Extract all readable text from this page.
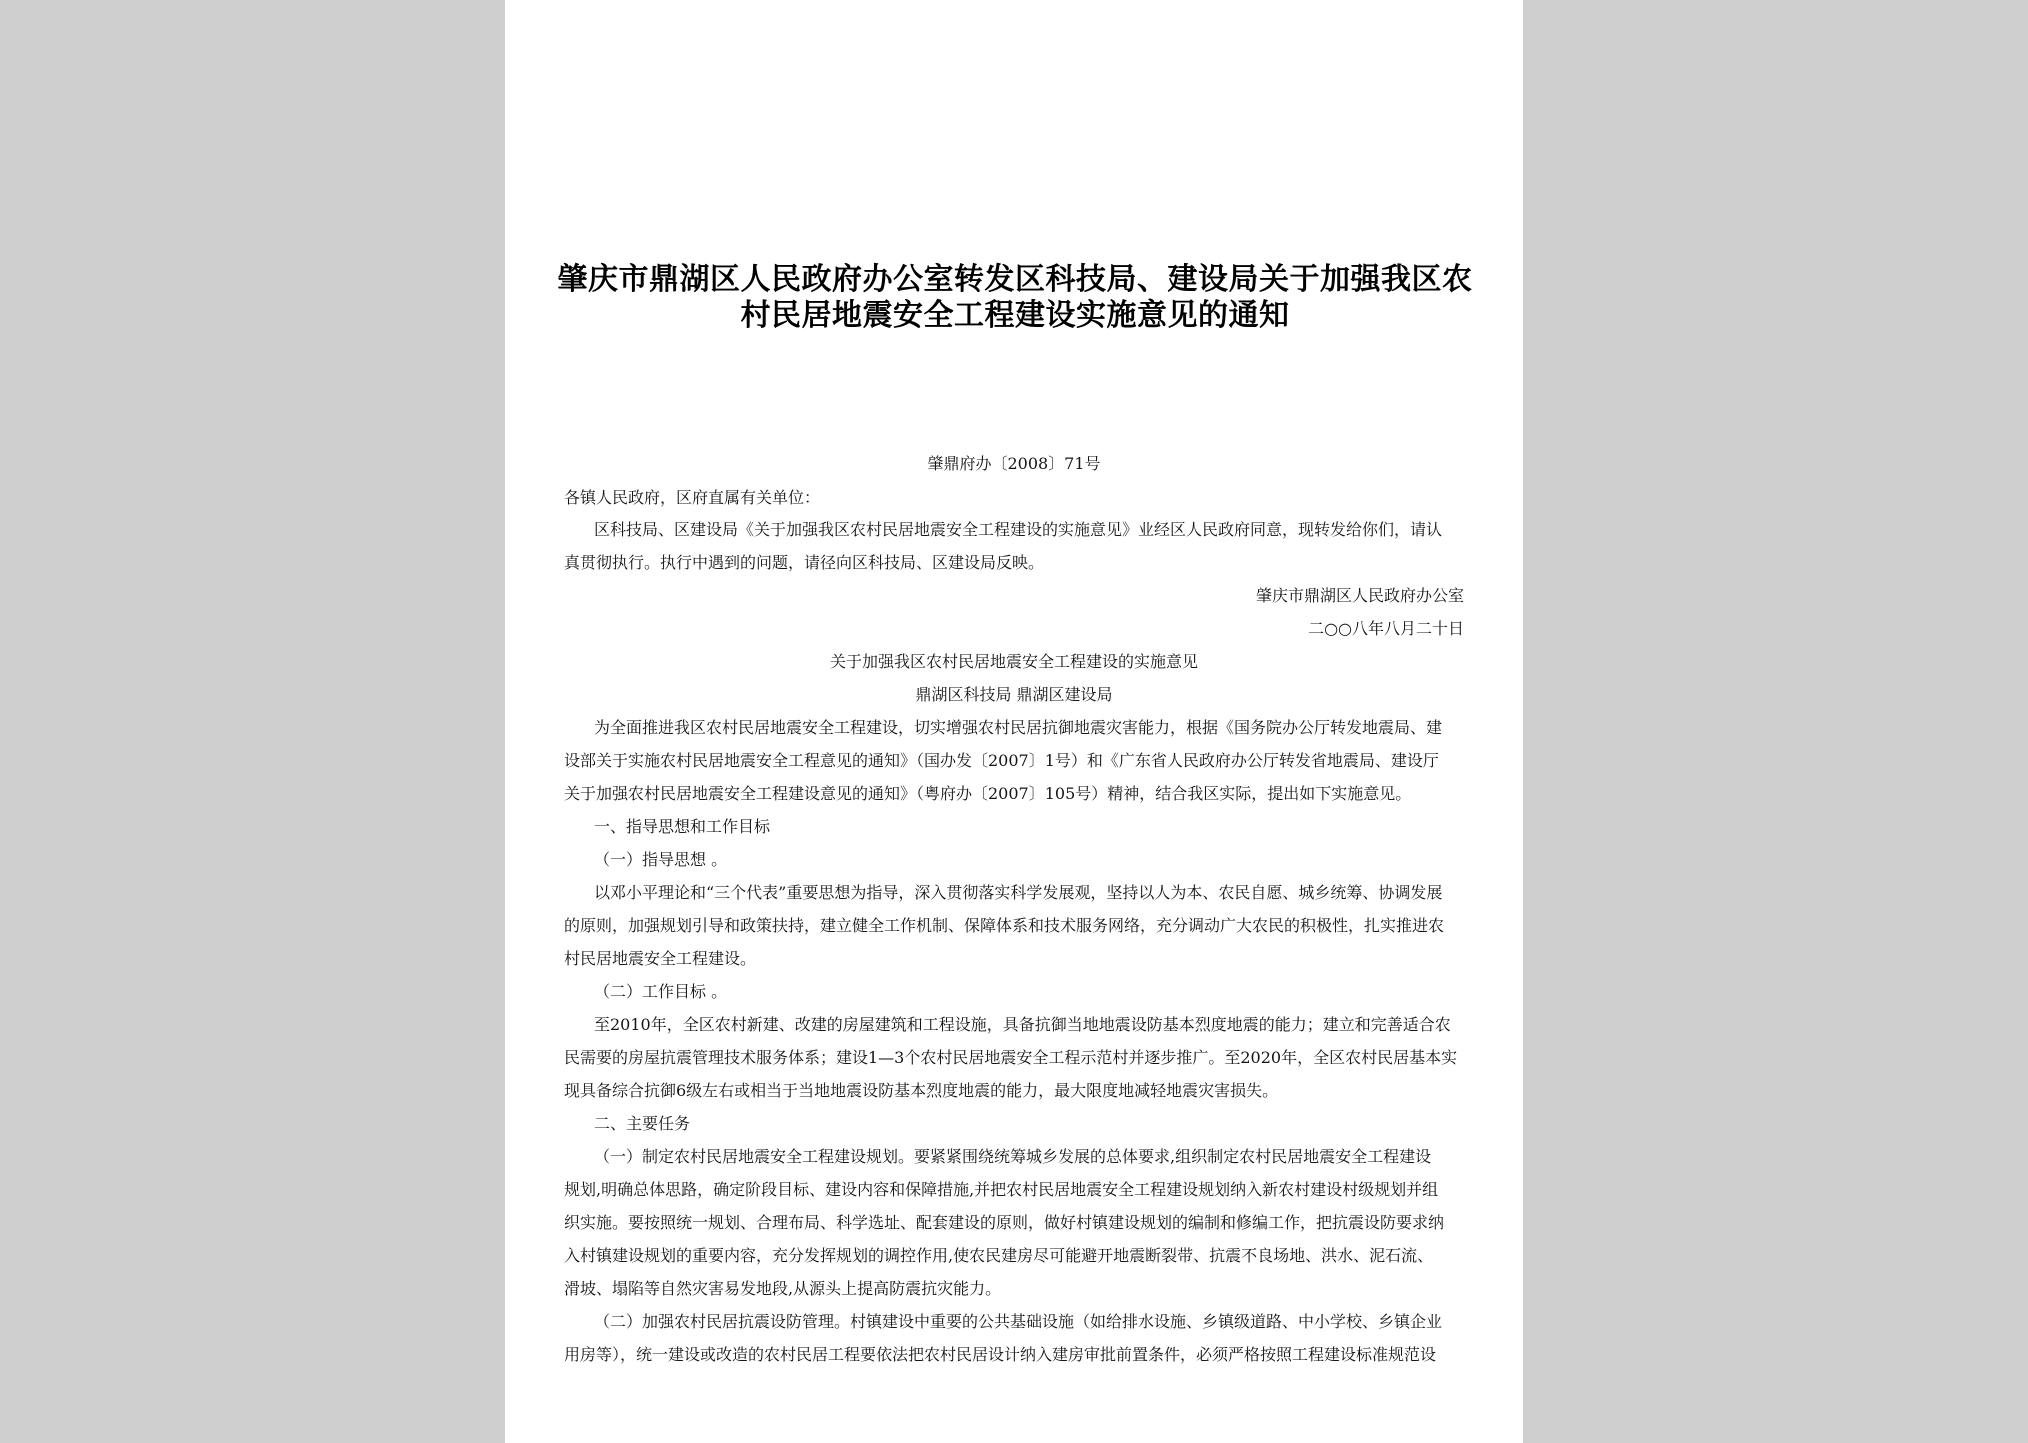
肇庆市鼎湖区人民政府办公室转发区科技局、建设局关于加强我区农村民居地震安全工程建设实施意见的通知
肇鼎府办〔2008〕71号
各镇人民政府，区府直属有关单位：
区科技局、区建设局《关于加强我区农村民居地震安全工程建设的实施意见》业经区人民政府同意，现转发给你们，请认
真贯彻执行。执行中遇到的问题，请径向区科技局、区建设局反映。
肇庆市鼎湖区人民政府办公室
二○○八年八月二十日
关于加强我区农村民居地震安全工程建设的实施意见
鼎湖区科技局 鼎湖区建设局
为全面推进我区农村民居地震安全工程建设，切实增强农村民居抗御地震灾害能力，根据《国务院办公厅转发地震局、建
设部关于实施农村民居地震安全工程意见的通知》（国办发〔2007〕1号）和《广东省人民政府办公厅转发省地震局、建设厅
关于加强农村民居地震安全工程建设意见的通知》（粤府办〔2007〕105号）精神，结合我区实际，提出如下实施意见。
一、指导思想和工作目标
（一）指导思想 。
以邓小平理论和“三个代表”重要思想为指导，深入贯彻落实科学发展观，坚持以人为本、农民自愿、城乡统筹、协调发展
的原则，加强规划引导和政策扶持，建立健全工作机制、保障体系和技术服务网络，充分调动广大农民的积极性，扎实推进农
村民居地震安全工程建设。
（二）工作目标 。
至2010年，全区农村新建、改建的房屋建筑和工程设施，具备抗御当地地震设防基本烈度地震的能力；建立和完善适合农
民需要的房屋抗震管理技术服务体系；建设1—3个农村民居地震安全工程示范村并逐步推广。至2020年，全区农村民居基本实
现具备综合抗御6级左右或相当于当地地震设防基本烈度地震的能力，最大限度地减轻地震灾害损失。
二、主要任务
（一）制定农村民居地震安全工程建设规划。要紧紧围绕统筹城乡发展的总体要求,组织制定农村民居地震安全工程建设
规划,明确总体思路，确定阶段目标、建设内容和保障措施,并把农村民居地震安全工程建设规划纳入新农村建设村级规划并组
织实施。要按照统一规划、合理布局、科学选址、配套建设的原则，做好村镇建设规划的编制和修编工作，把抗震设防要求纳
入村镇建设规划的重要内容，充分发挥规划的调控作用,使农民建房尽可能避开地震断裂带、抗震不良场地、洪水、泥石流、
滑坡、塌陷等自然灾害易发地段,从源头上提高防震抗灾能力。
（二）加强农村民居抗震设防管理。村镇建设中重要的公共基础设施（如给排水设施、乡镇级道路、中小学校、乡镇企业
用房等），统一建设或改造的农村民居工程要依法把农村民居设计纳入建房审批前置条件，必须严格按照工程建设标准规范设
